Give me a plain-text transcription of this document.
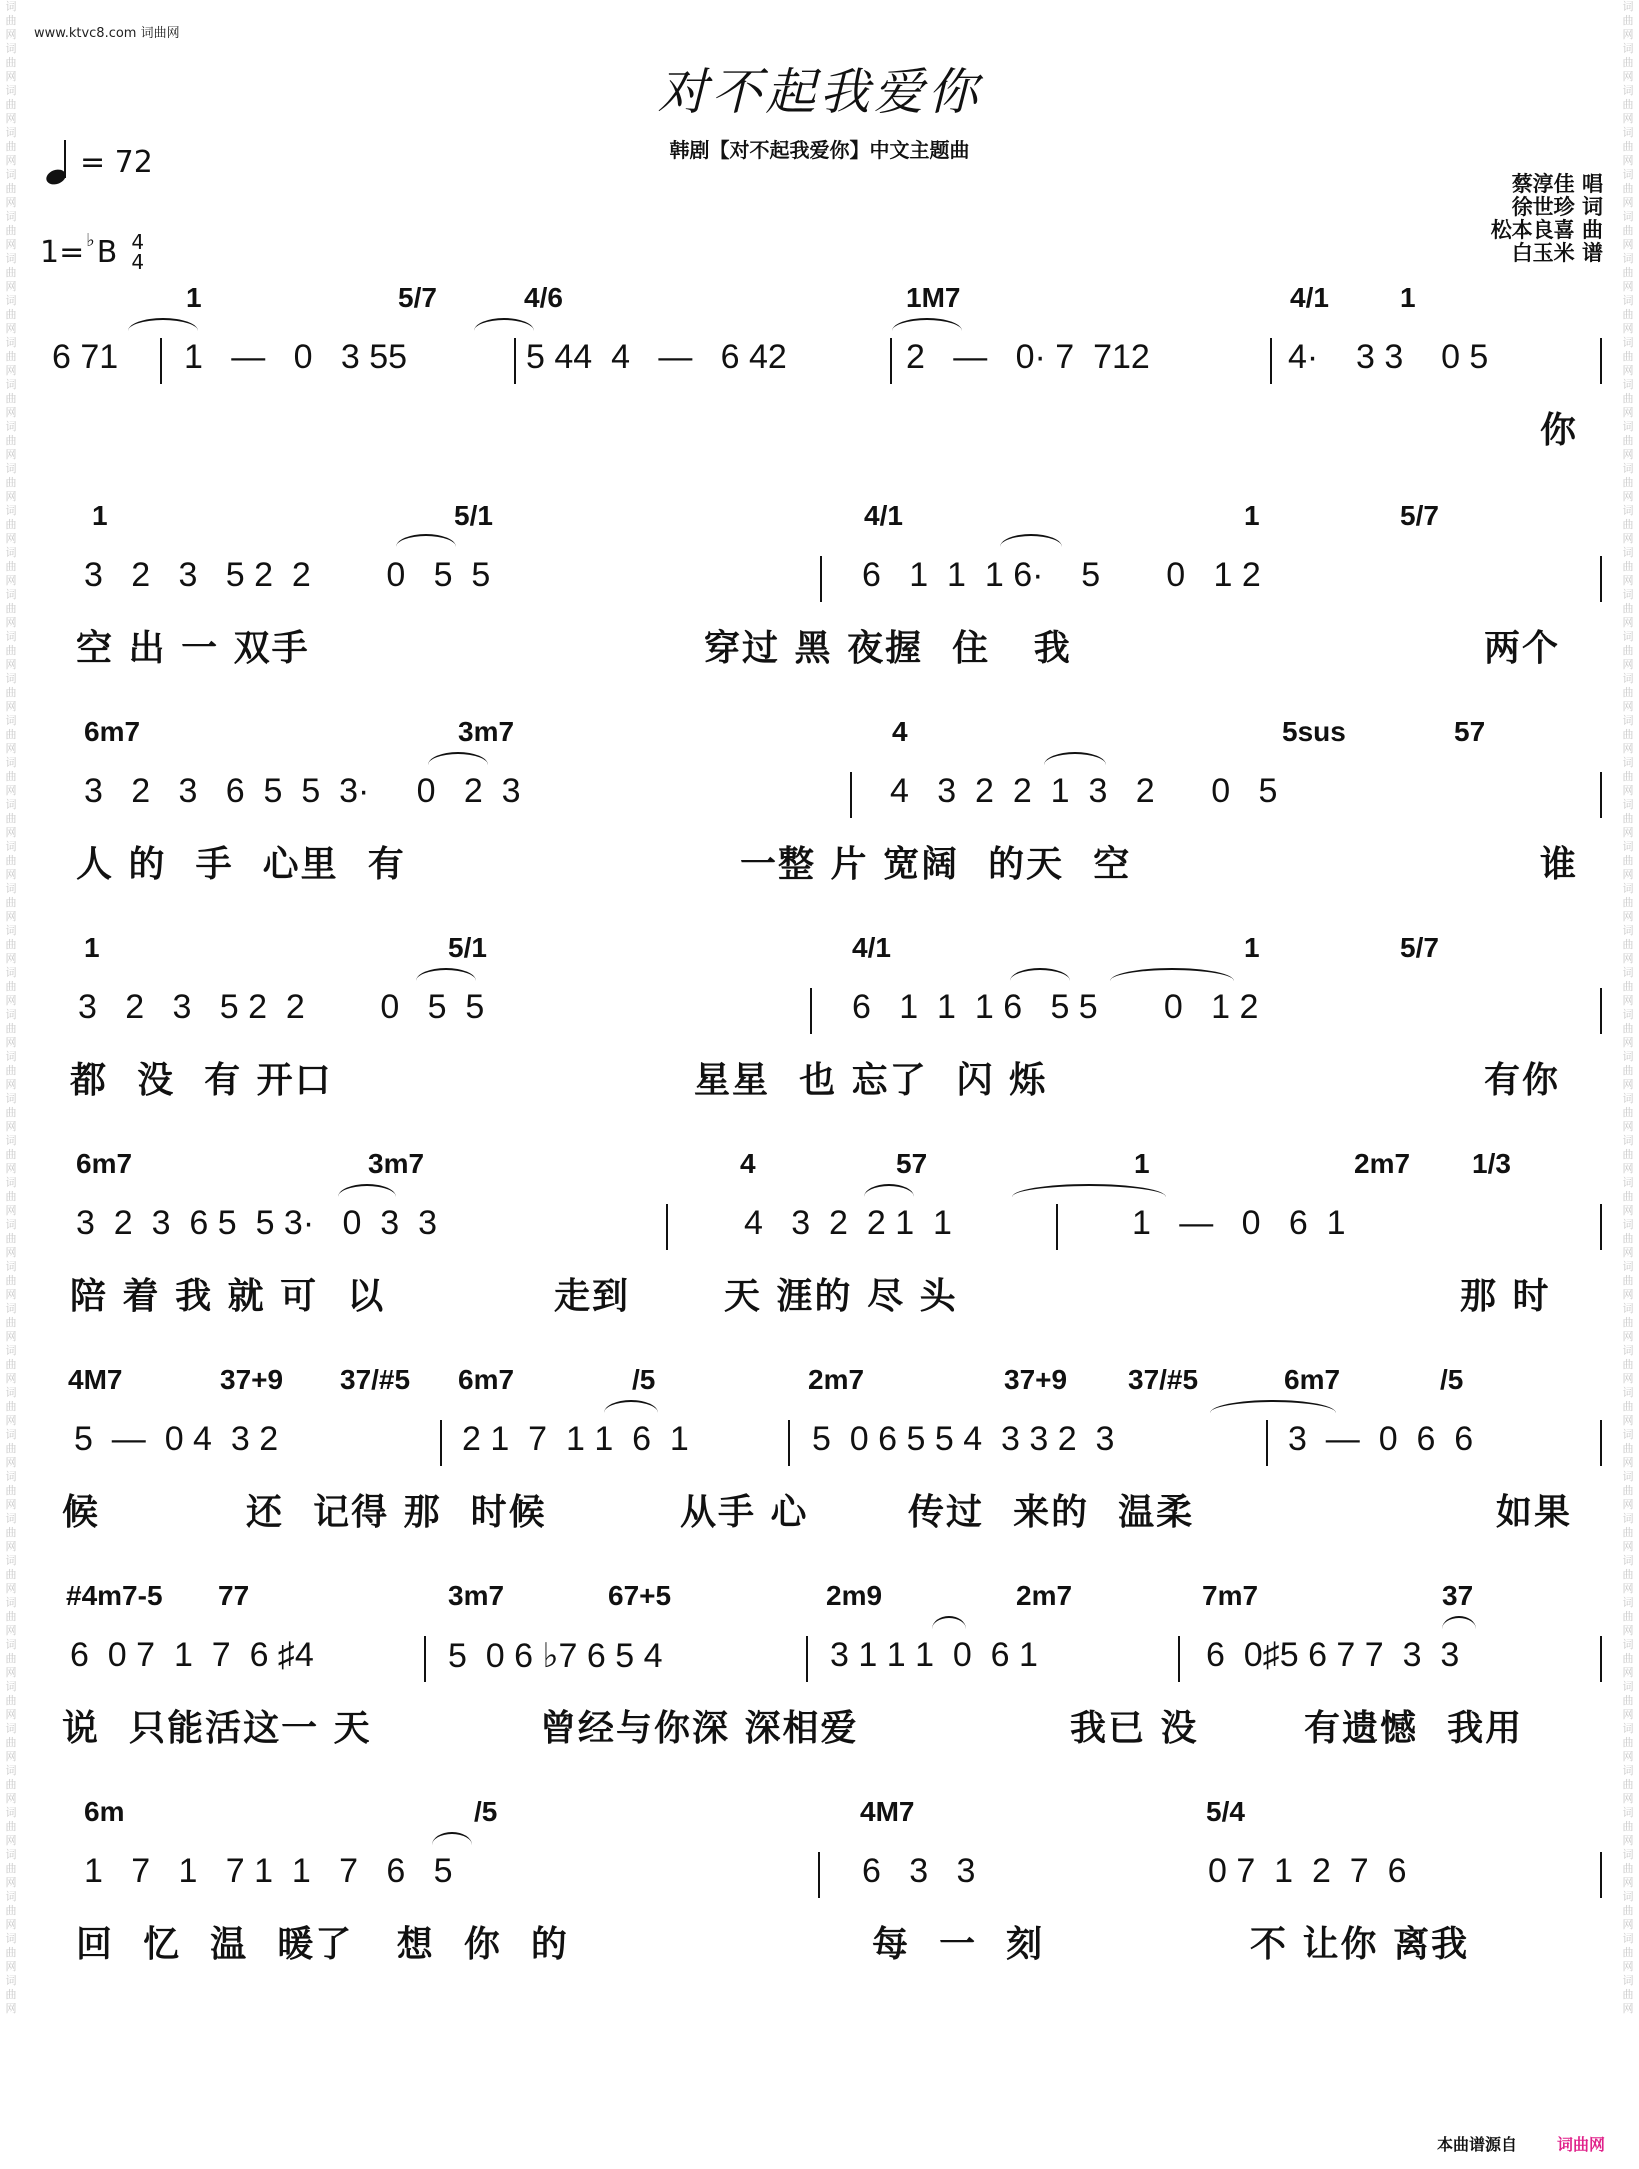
词曲网词曲网词曲网词曲网词曲网词曲网词曲网词曲网词曲网词曲网词曲网词曲网词曲网词曲网词曲网词曲网词曲网词曲网词曲网词曲网词曲网词曲网词曲网词曲网词曲网词曲网词曲网词曲网词曲网词曲网词曲网词曲网词曲网词曲网词曲网词曲网词曲网词曲网词曲网词曲网词曲网词曲网词曲网词曲网词曲网词曲网词曲网词曲网
词曲网词曲网词曲网词曲网词曲网词曲网词曲网词曲网词曲网词曲网词曲网词曲网词曲网词曲网词曲网词曲网词曲网词曲网词曲网词曲网词曲网词曲网词曲网词曲网词曲网词曲网词曲网词曲网词曲网词曲网词曲网词曲网词曲网词曲网词曲网词曲网词曲网词曲网词曲网词曲网词曲网词曲网词曲网词曲网词曲网词曲网词曲网词曲网
www.ktvc8.com 词曲网
对不起我爱你
韩剧【对不起我爱你】中文主题曲
= 72
1= ♭ B 4
4
蔡淳佳 唱
徐世珍 词
松本良喜 曲
白玉米 谱
1	5/7	4/6	1M7	4/1	1

6 71

1   —   0   3 55

	5 44  4   —   6 42

	2   —   0· 7  712

	4·    3 3    0 5

你

1	5/1	4/1	1	5/7

3   2   3   5 2  2        0   5  5

	6   1  1  1 6·    5       0   1 2

空 出 一 双手

	穿过 黑 夜握  住   我

	两个

6m7	3m7	4	5sus	57

3   2   3   6  5  5  3·     0   2  3

	4   3  2  2  1  3   2      0   5

人 的  手  心里  有

	一整 片 宽阔  的天  空

	谁

1	5/1	4/1	1	5/7

3   2   3   5 2  2        0   5  5

	6   1  1  1 6   5 5       0   1 2

都  没  有 开口

	星星  也 忘了  闪 烁

	有你

6m7	3m7	4	57	1	2m7 1/3

3  2  3  6 5  5 3·   0  3  3

	4   3  2  2 1  1

	1   —   0   6  1

陪 着 我 就 可  以

	走到

	天 涯的 尽 头

	那 时

4M7	37+9 37/#5 6m7	/5	2m7	37+9 37/#5	6m7	/5

5  —  0 4  3 2

	2 1  7  1 1  6  1

	5  0 6 5 5 4  3 3 2  3

	3  —  0  6  6

候

	还  记得 那  时候

	从手 心

	传过  来的  温柔

	如果

#4m7-5 77	3m7	67+5	2m9	2m7	7m7	37

6  0 7  1  7  6 ♯4

	5  0 6 ♭7 6 5 4

	3 1 1 1  0  6 1

	6  0♯5 6 7 7  3  3

说  只能活这一 天

	曾经与你深 深相爱

	我已 没

	有遗憾  我用

6m	/5	4M7	5/4

1   7   1   7 1  1   7   6   5

	6   3   3

	0 7  1  2  7  6

回  忆  温  暖了   想  你  的

	每  一  刻

	不 让你 离我

本曲谱源自	词曲网
